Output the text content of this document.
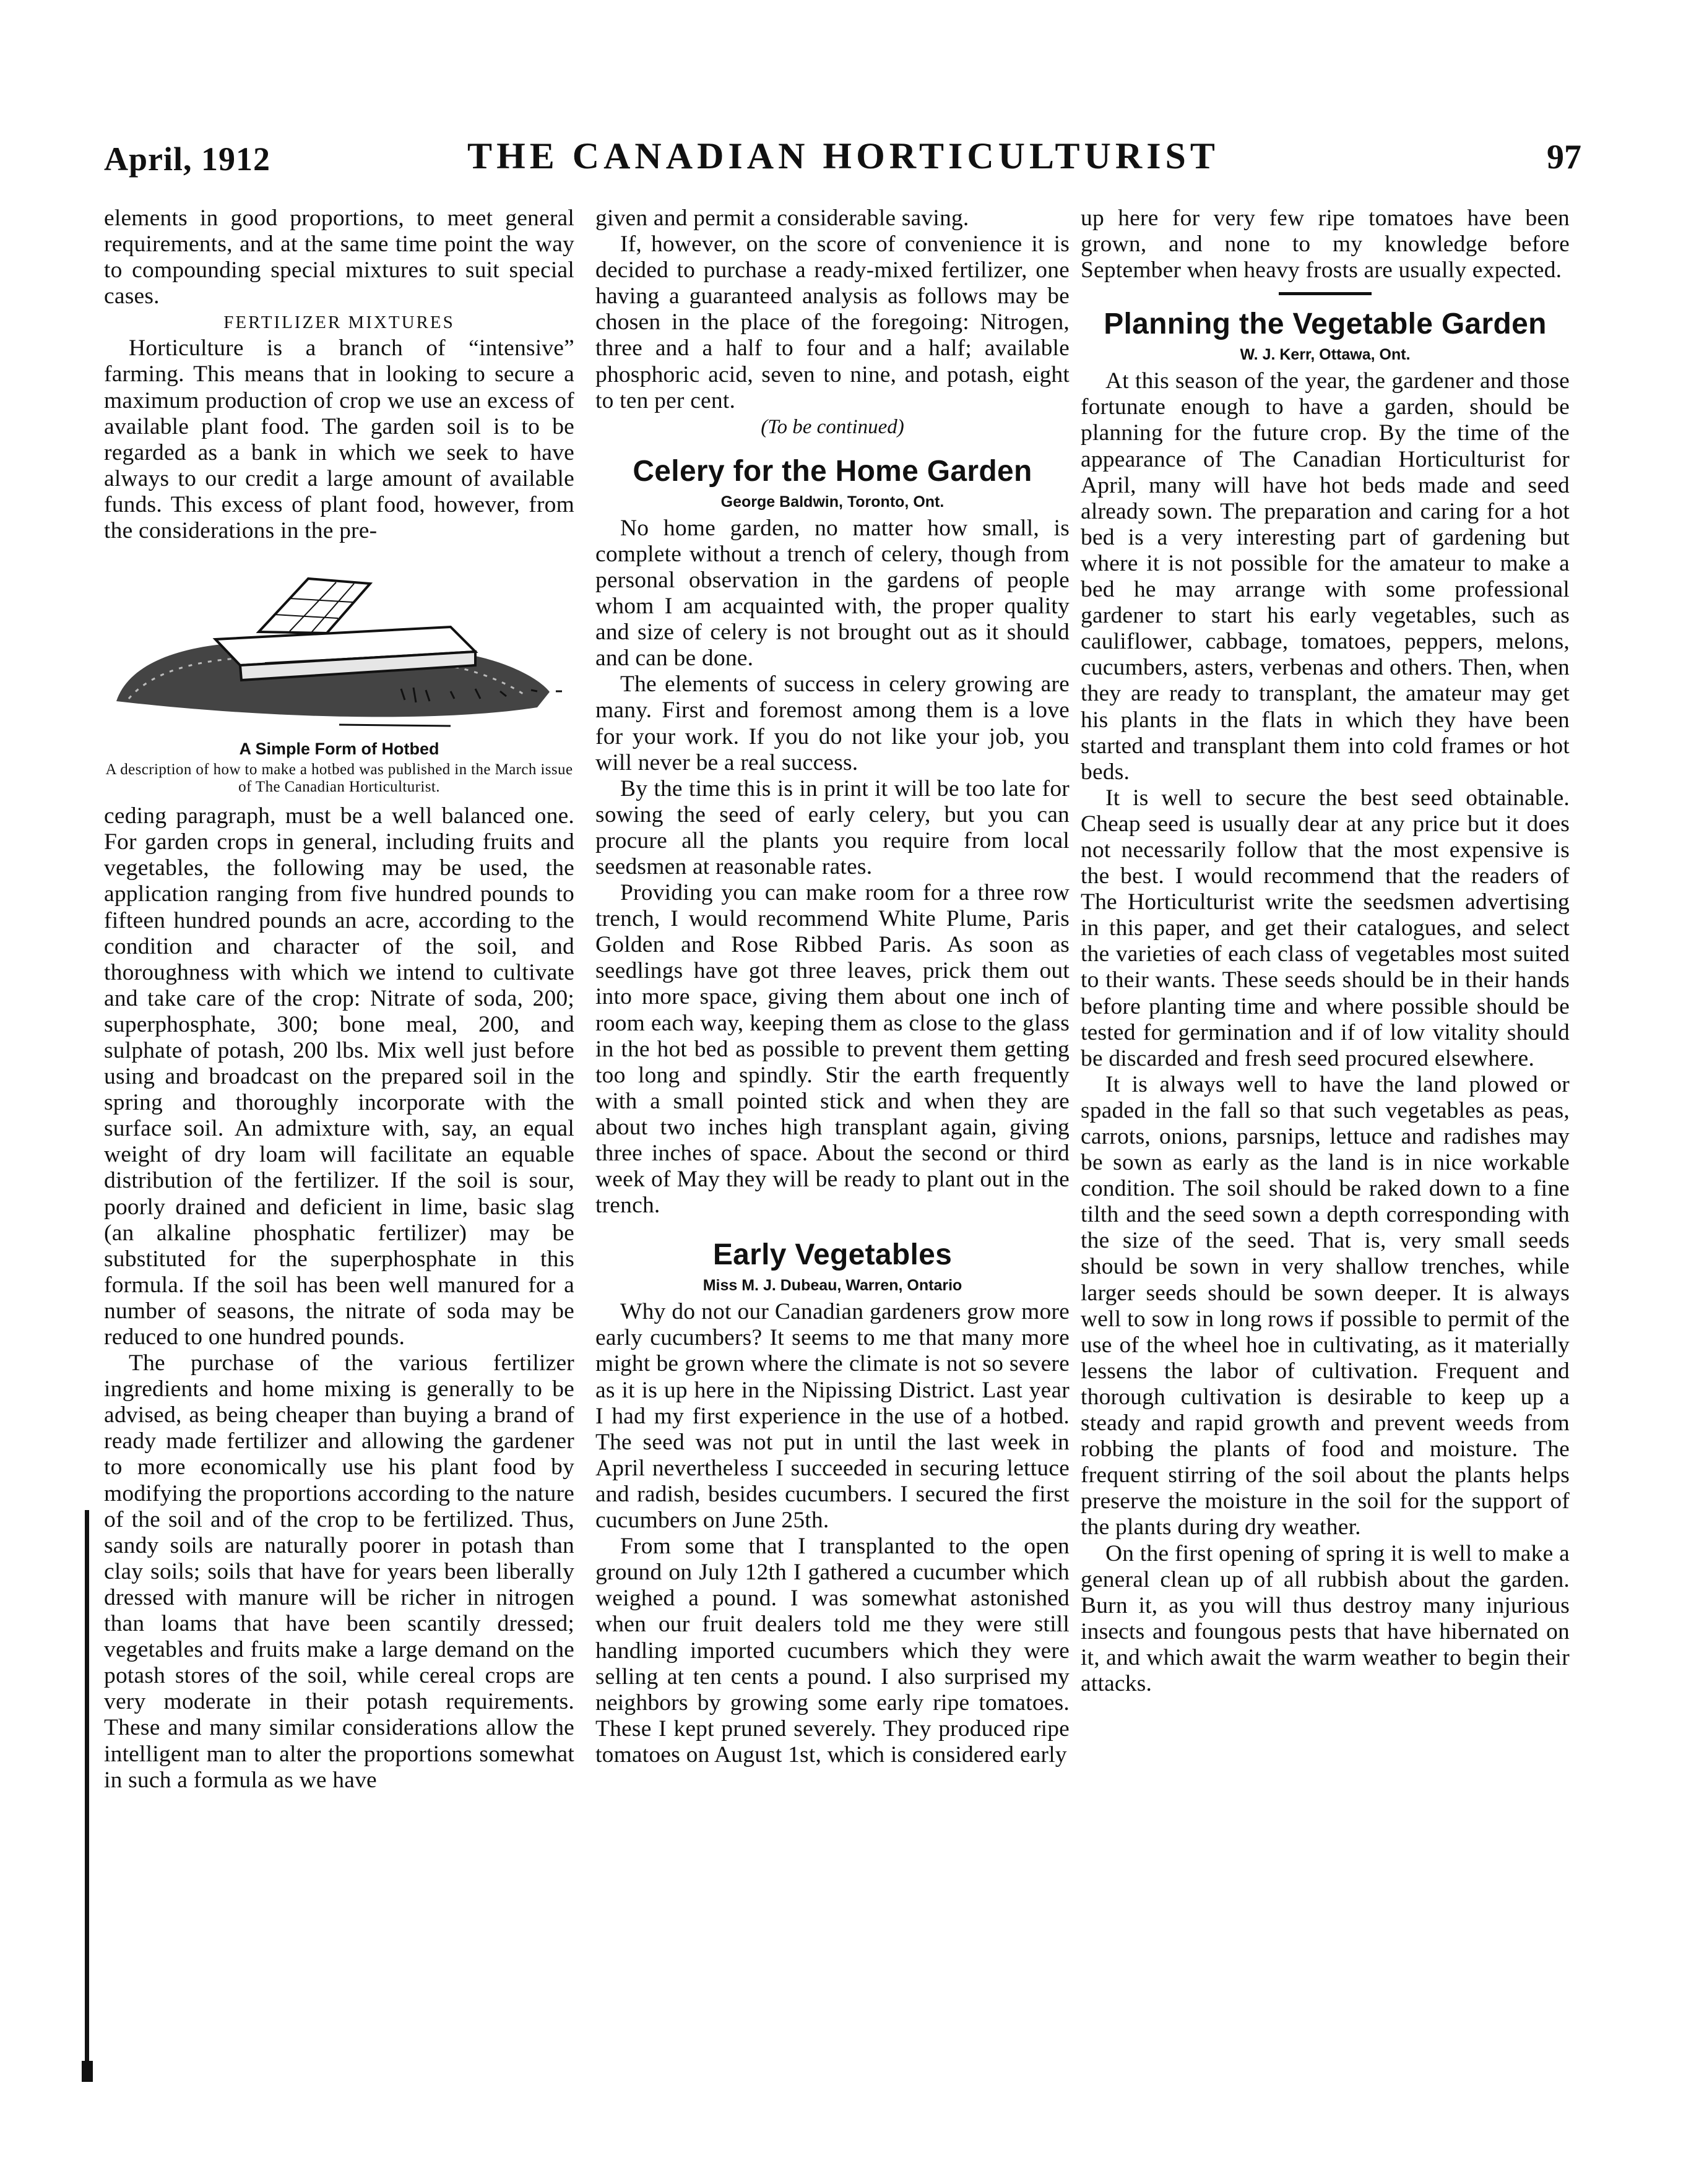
April, 1912	THE CANADIAN HORTICULTURIST	97

elements in good proportions, to meet general requirements, and at the same time point the way to compounding special mixtures to suit special cases.

FERTILIZER MIXTURES

Horticulture is a branch of “intensive” farming. This means that in looking to secure a maximum production of crop we use an excess of available plant food. The garden soil is to be regarded as a bank in which we seek to have always to our credit a large amount of available funds. This excess of plant food, however, from the considerations in the pre-

A Simple Form of Hotbed

A description of how to make a hotbed was published in the March issue of The Canadian Horticulturist.

ceding paragraph, must be a well balanced one. For garden crops in general, including fruits and vegetables, the following may be used, the application ranging from five hundred pounds to fifteen hundred pounds an acre, according to the condition and character of the soil, and thoroughness with which we intend to cultivate and take care of the crop: Nitrate of soda, 200; superphosphate, 300; bone meal, 200, and sulphate of potash, 200 lbs. Mix well just before using and broadcast on the prepared soil in the spring and thoroughly incorporate with the surface soil. An admixture with, say, an equal weight of dry loam will facilitate an equable distribution of the fertilizer. If the soil is sour, poorly drained and deficient in lime, basic slag (an alkaline phosphatic fertilizer) may be substituted for the superphosphate in this formula. If the soil has been well manured for a number of seasons, the nitrate of soda may be reduced to one hundred pounds.

The purchase of the various fertilizer ingredients and home mixing is generally to be advised, as being cheaper than buying a brand of ready made fertilizer and allowing the gardener to more economically use his plant food by modifying the proportions according to the nature of the soil and of the crop to be fertilized. Thus, sandy soils are naturally poorer in potash than clay soils; soils that have for years been liberally dressed with manure will be richer in nitrogen than loams that have been scantily dressed; vegetables and fruits make a large demand on the potash stores of the soil, while cereal crops are very moderate in their potash requirements. These and many similar considerations allow the intelligent man to alter the proportions somewhat in such a formula as we have

given and permit a considerable saving.

If, however, on the score of convenience it is decided to purchase a ready-mixed fertilizer, one having a guaranteed analysis as follows may be chosen in the place of the foregoing: Nitrogen, three and a half to four and a half; available phosphoric acid, seven to nine, and potash, eight to ten per cent.

(To be continued)

Celery for the Home Garden

George Baldwin, Toronto, Ont.

No home garden, no matter how small, is complete without a trench of celery, though from personal observation in the gardens of people whom I am acquainted with, the proper quality and size of celery is not brought out as it should and can be done.

The elements of success in celery growing are many. First and foremost among them is a love for your work. If you do not like your job, you will never be a real success.

By the time this is in print it will be too late for sowing the seed of early celery, but you can procure all the plants you require from local seedsmen at reasonable rates.

Providing you can make room for a three row trench, I would recommend White Plume, Paris Golden and Rose Ribbed Paris. As soon as seedlings have got three leaves, prick them out into more space, giving them about one inch of room each way, keeping them as close to the glass in the hot bed as possible to prevent them getting too long and spindly. Stir the earth frequently with a small pointed stick and when they are about two inches high transplant again, giving three inches of space. About the second or third week of May they will be ready to plant out in the trench.

Early Vegetables

Miss M. J. Dubeau, Warren, Ontario

Why do not our Canadian gardeners grow more early cucumbers? It seems to me that many more might be grown where the climate is not so severe as it is up here in the Nipissing District. Last year I had my first experience in the use of a hotbed. The seed was not put in until the last week in April nevertheless I succeeded in securing lettuce and radish, besides cucumbers. I secured the first cucumbers on June 25th.

From some that I transplanted to the open ground on July 12th I gathered a cucumber which weighed a pound. I was somewhat astonished when our fruit dealers told me they were still handling imported cucumbers which they were selling at ten cents a pound. I also surprised my neighbors by growing some early ripe tomatoes. These I kept pruned severely. They produced ripe tomatoes on August 1st, which is considered early

up here for very few ripe tomatoes have been grown, and none to my knowledge before September when heavy frosts are usually expected.

Planning the Vegetable Garden

W. J. Kerr, Ottawa, Ont.

At this season of the year, the gardener and those fortunate enough to have a garden, should be planning for the future crop. By the time of the appearance of The Canadian Horticulturist for April, many will have hot beds made and seed already sown. The preparation and caring for a hot bed is a very interesting part of gardening but where it is not possible for the amateur to make a bed he may arrange with some professional gardener to start his early vegetables, such as cauliflower, cabbage, tomatoes, peppers, melons, cucumbers, asters, verbenas and others. Then, when they are ready to transplant, the amateur may get his plants in the flats in which they have been started and transplant them into cold frames or hot beds.

It is well to secure the best seed obtainable. Cheap seed is usually dear at any price but it does not necessarily follow that the most expensive is the best. I would recommend that the readers of The Horticulturist write the seedsmen advertising in this paper, and get their catalogues, and select the varieties of each class of vegetables most suited to their wants. These seeds should be in their hands before planting time and where possible should be tested for germination and if of low vitality should be discarded and fresh seed procured elsewhere.

It is always well to have the land plowed or spaded in the fall so that such vegetables as peas, carrots, onions, parsnips, lettuce and radishes may be sown as early as the land is in nice workable condition. The soil should be raked down to a fine tilth and the seed sown a depth corresponding with the size of the seed. That is, very small seeds should be sown in very shallow trenches, while larger seeds should be sown deeper. It is always well to sow in long rows if possible to permit of the use of the wheel hoe in cultivating, as it materially lessens the labor of cultivation. Frequent and thorough cultivation is desirable to keep up a steady and rapid growth and prevent weeds from robbing the plants of food and moisture. The frequent stirring of the soil about the plants helps preserve the moisture in the soil for the support of the plants during dry weather.

On the first opening of spring it is well to make a general clean up of all rubbish about the garden. Burn it, as you will thus destroy many injurious insects and foungous pests that have hibernated on it, and which await the warm weather to begin their attacks.
